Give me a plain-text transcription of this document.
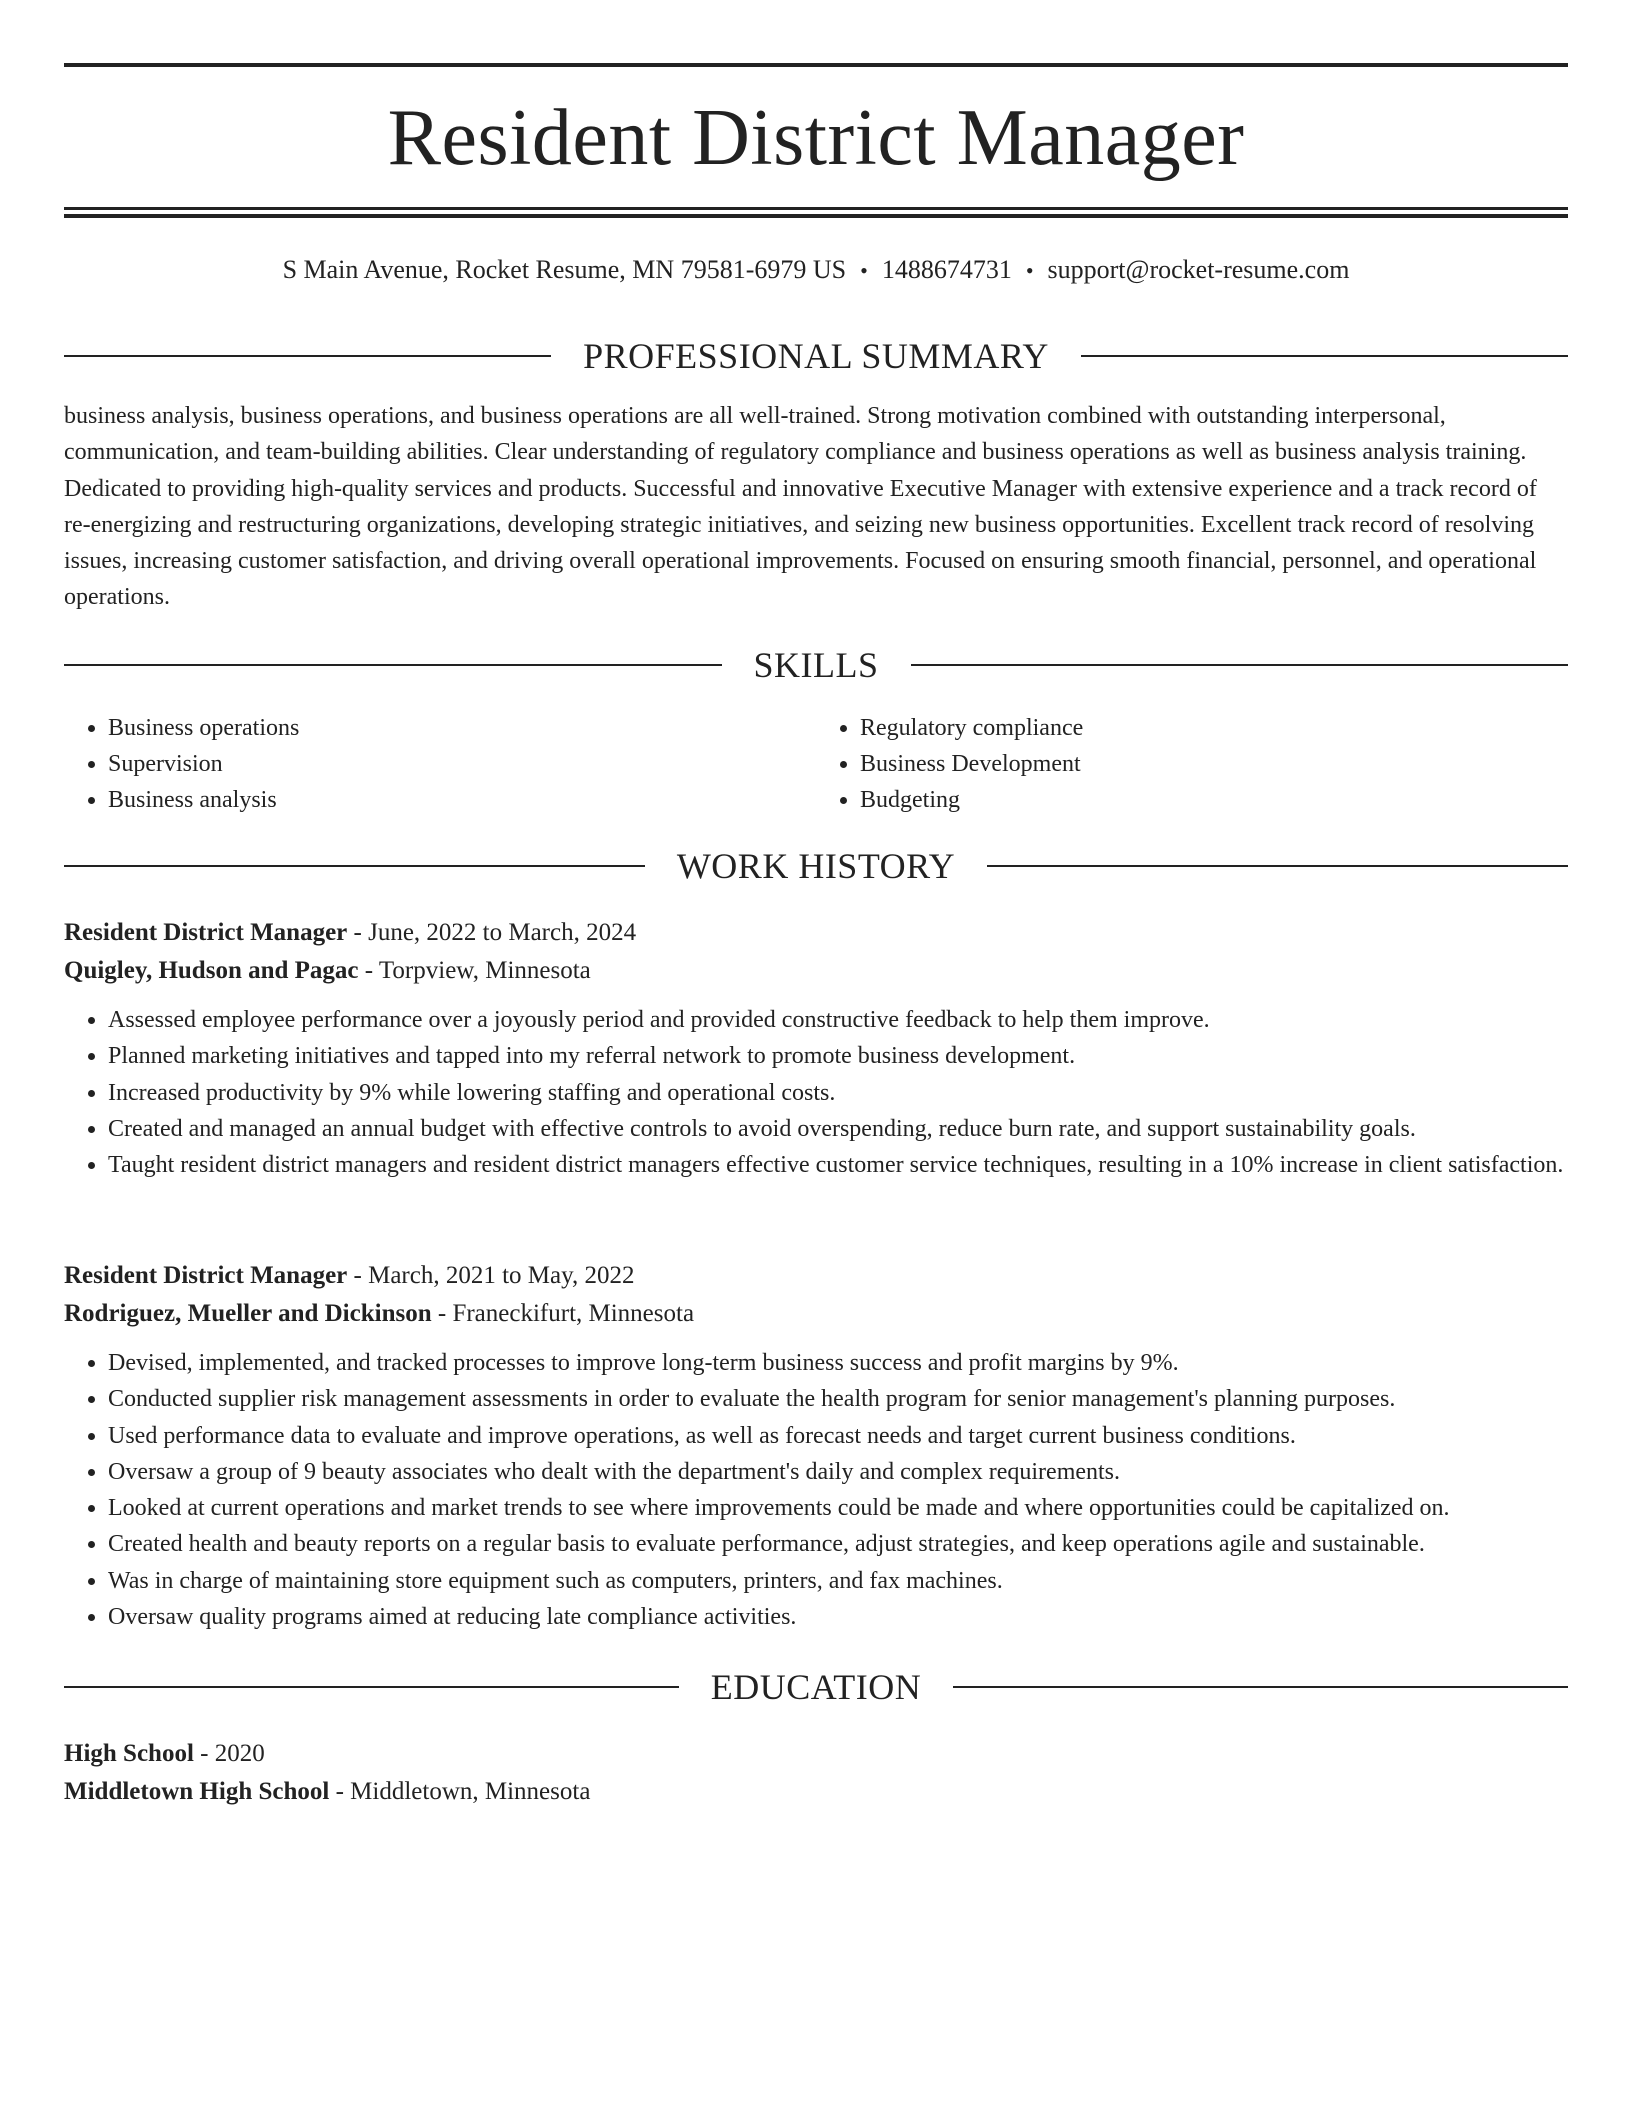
Resident District Manager
S Main Avenue, Rocket Resume, MN 79581-6979 US • 1488674731 • support@rocket-resume.com
PROFESSIONAL SUMMARY

business analysis, business operations, and business operations are all well-trained. Strong motivation combined with outstanding interpersonal, communication, and team-building abilities. Clear understanding of regulatory compliance and business operations as well as business analysis training. Dedicated to providing high-quality services and products. Successful and innovative Executive Manager with extensive experience and a track record of re-energizing and restructuring organizations, developing strategic initiatives, and seizing new business opportunities. Excellent track record of resolving issues, increasing customer satisfaction, and driving overall operational improvements. Focused on ensuring smooth financial, personnel, and operational operations.

SKILLS
• Business operations
• Supervision
• Business analysis
• Regulatory compliance
• Business Development
• Budgeting
WORK HISTORY

Resident District Manager - June, 2022 to March, 2024

Quigley, Hudson and Pagac - Torpview, Minnesota

• Assessed employee performance over a joyously period and provided constructive feedback to help them improve.
• Planned marketing initiatives and tapped into my referral network to promote business development.
• Increased productivity by 9% while lowering staffing and operational costs.
• Created and managed an annual budget with effective controls to avoid overspending, reduce burn rate, and support sustainability goals.
• Taught resident district managers and resident district managers effective customer service techniques, resulting in a 10% increase in client satisfaction.

Resident District Manager - March, 2021 to May, 2022

Rodriguez, Mueller and Dickinson - Franeckifurt, Minnesota

• Devised, implemented, and tracked processes to improve long-term business success and profit margins by 9%.
• Conducted supplier risk management assessments in order to evaluate the health program for senior management's planning purposes.
• Used performance data to evaluate and improve operations, as well as forecast needs and target current business conditions.
• Oversaw a group of 9 beauty associates who dealt with the department's daily and complex requirements.
• Looked at current operations and market trends to see where improvements could be made and where opportunities could be capitalized on.
• Created health and beauty reports on a regular basis to evaluate performance, adjust strategies, and keep operations agile and sustainable.
• Was in charge of maintaining store equipment such as computers, printers, and fax machines.
• Oversaw quality programs aimed at reducing late compliance activities.
EDUCATION

High School - 2020

Middletown High School - Middletown, Minnesota
